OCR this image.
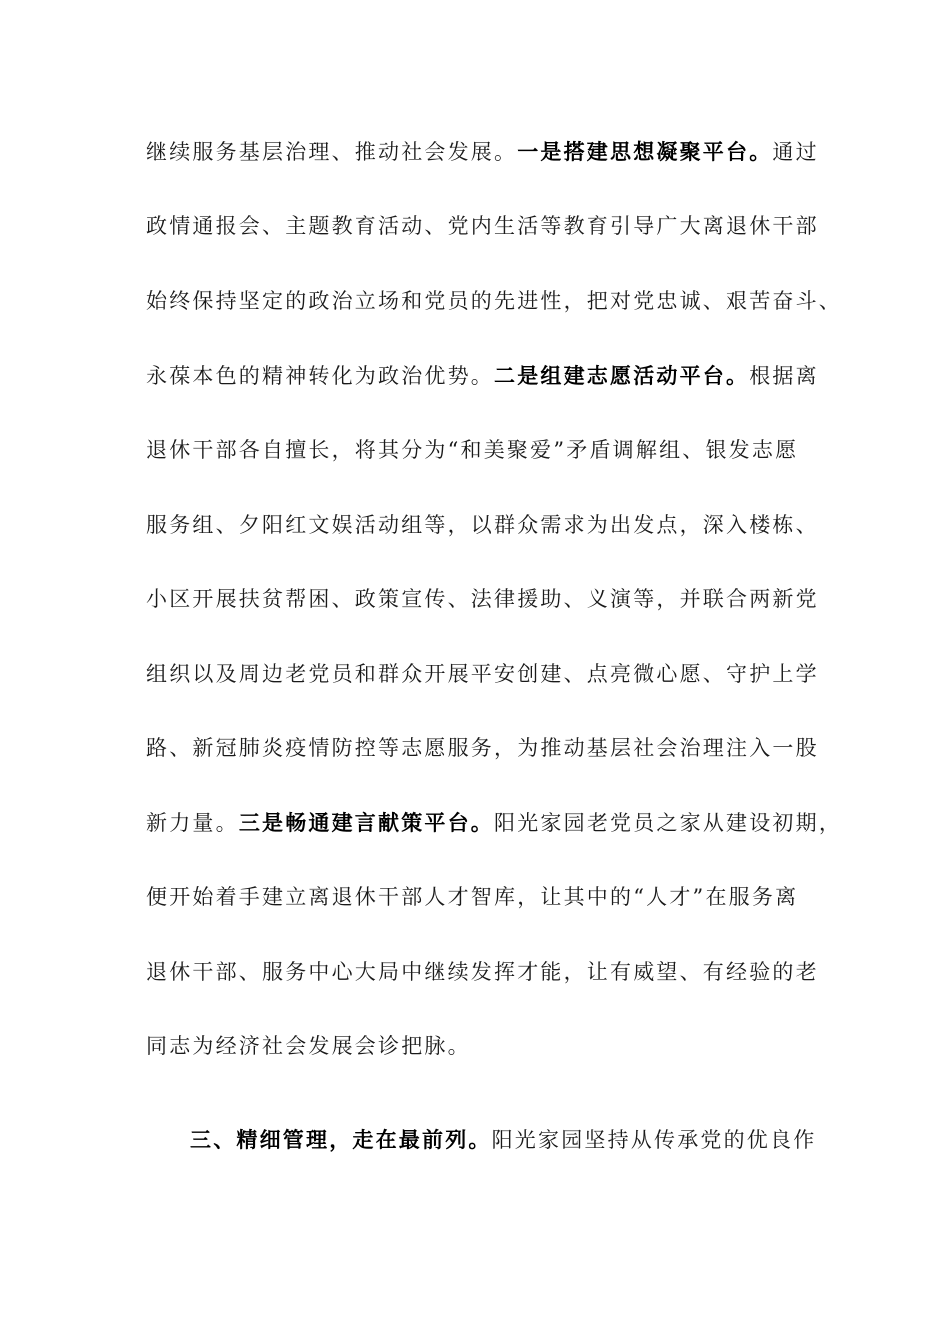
继续服务基层治理、推动社会发展。一是搭建思想凝聚平台。通过
政情通报会、主题教育活动、党内生活等教育引导广大离退休干部
始终保持坚定的政治立场和党员的先进性，把对党忠诚、艰苦奋斗、
永葆本色的精神转化为政治优势。二是组建志愿活动平台。根据离
退休干部各自擅长，将其分为“和美聚爱”矛盾调解组、银发志愿
服务组、夕阳红文娱活动组等，以群众需求为出发点，深入楼栋、
小区开展扶贫帮困、政策宣传、法律援助、义演等，并联合两新党
组织以及周边老党员和群众开展平安创建、点亮微心愿、守护上学
路、新冠肺炎疫情防控等志愿服务，为推动基层社会治理注入一股
新力量。三是畅通建言献策平台。阳光家园老党员之家从建设初期，
便开始着手建立离退休干部人才智库，让其中的“人才”在服务离
退休干部、服务中心大局中继续发挥才能，让有威望、有经验的老
同志为经济社会发展会诊把脉。
三、精细管理，走在最前列。阳光家园坚持从传承党的优良作
